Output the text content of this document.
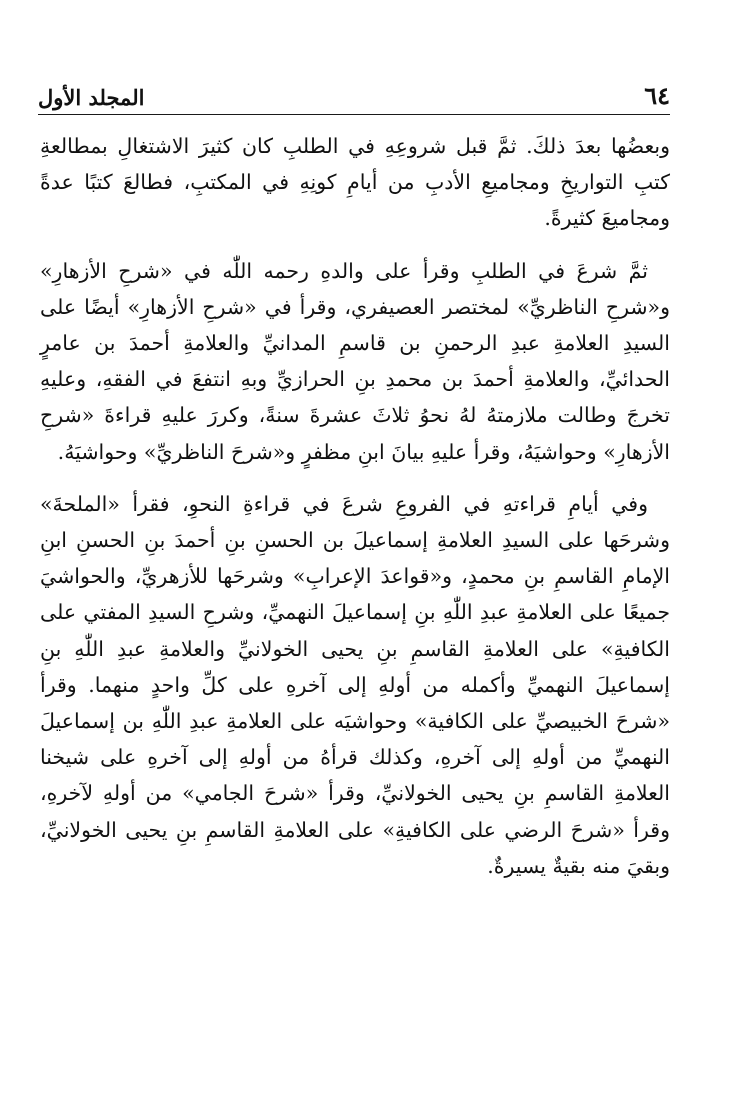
٦٤
المجلد الأول

وبعضُها بعدَ ذلكَ. ثمَّ قبل شروعِهِ في الطلبِ كان كثيرَ الاشتغالِ بمطالعةِ كتبِ التواريخِ ومجاميعِ الأدبِ من أيامِ كونِهِ في المكتبِ، فطالعَ كتبًا عدةً ومجاميعَ كثيرةً.

ثمَّ شرعَ في الطلبِ وقرأ على والدهِ رحمه اللّٰه في «شرحِ الأزهارِ» و«شرحِ الناظريِّ» لمختصر العصيفري، وقرأ في «شرحِ الأزهارِ» أيضًا على السيدِ العلامةِ عبدِ الرحمنِ بن قاسمِ المدانيِّ والعلامةِ أحمدَ بن عامرٍ الحدائيِّ، والعلامةِ أحمدَ بن محمدِ بنِ الحرازيِّ وبهِ انتفعَ في الفقهِ، وعليهِ تخرجَ وطالت ملازمتهُ لهُ نحوُ ثلاثَ عشرةَ سنةً، وكررَ عليهِ قراءةَ «شرحِ الأزهارِ» وحواشيَهُ، وقرأ عليهِ بيانَ ابنِ مظفرٍ و«شرحَ الناظريِّ» وحواشيَهُ.

وفي أيامِ قراءتهِ في الفروعِ شرعَ في قراءةِ النحوِ، فقرأ «الملحةَ» وشرحَها على السيدِ العلامةِ إسماعيلَ بن الحسنِ بنِ أحمدَ بنِ الحسنِ ابنِ الإمامِ القاسمِ بنِ محمدٍ، و«قواعدَ الإعرابِ» وشرحَها للأزهريِّ، والحواشيَ جميعًا على العلامةِ عبدِ اللّٰهِ بنِ إسماعيلَ النهميِّ، وشرحِ السيدِ المفتي على الكافيةِ» على العلامةِ القاسمِ بنِ يحيى الخولانيِّ والعلامةِ عبدِ اللّٰهِ بنِ إسماعيلَ النهميِّ وأكمله من أولهِ إلى آخرهِ على كلِّ واحدٍ منهما. وقرأ «شرحَ الخبيصيِّ على الكافية» وحواشيَه على العلامةِ عبدِ اللّٰهِ بن إسماعيلَ النهميِّ من أولهِ إلى آخرهِ، وكذلك قرأهُ من أولهِ إلى آخرهِ على شيخنا العلامةِ القاسمِ بنِ يحيى الخولانيِّ، وقرأ «شرحَ الجامي» من أولهِ لآخرهِ، وقرأ «شرحَ الرضي على الكافيةِ» على العلامةِ القاسمِ بنِ يحيى الخولانيِّ، وبقيَ منه بقيةٌ يسيرةٌ.
